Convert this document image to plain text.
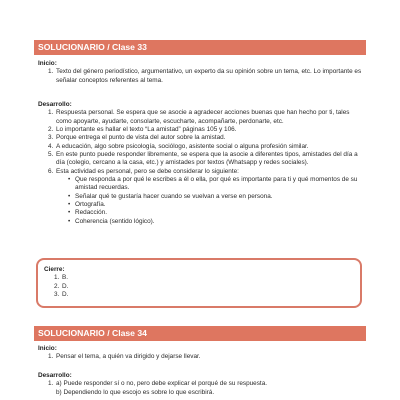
SOLUCIONARIO / Clase 33
Inicio:
1. Texto del género periodístico, argumentativo, un experto da su opinión sobre un tema, etc. Lo importante es señalar conceptos referentes al tema.
Desarrollo:
1. Respuesta personal. Se espera que se asocie a agradecer acciones buenas que han hecho por ti, tales como apoyarte, ayudarte, consolarte, escucharte, acompañarte, perdonarte, etc.
2. Lo importante es hallar el texto “La amistad” páginas 105 y 106.
3. Porque entrega el punto de vista del autor sobre la amistad.
4. A educación, algo sobre psicología, sociólogo, asistente social o alguna profesión similar.
5. En este punto puede responder libremente, se espera que la asocie a diferentes tipos, amistades del día a día (colegio, cercano a la casa, etc.) y amistades por textos (Whatsapp y redes sociales).
6. Esta actividad es personal, pero se debe considerar lo siguiente:
• Que responda a por qué le escribes a él o ella, por qué es importante para ti y qué momentos de su amistad recuerdas.
• Señalar qué te gustaría hacer cuando se vuelvan a verse en persona.
• Ortografía.
• Redacción.
• Coherencia (sentido lógico).
Cierre:
1. B.
2. D.
3. D.
SOLUCIONARIO / Clase 34
Inicio:
1. Pensar el tema, a quién va dirigido y dejarse llevar.
Desarrollo:
1. a) Puede responder sí o no, pero debe explicar el porqué de su respuesta.
b) Dependiendo lo que escojo es sobre lo que escribirá.
